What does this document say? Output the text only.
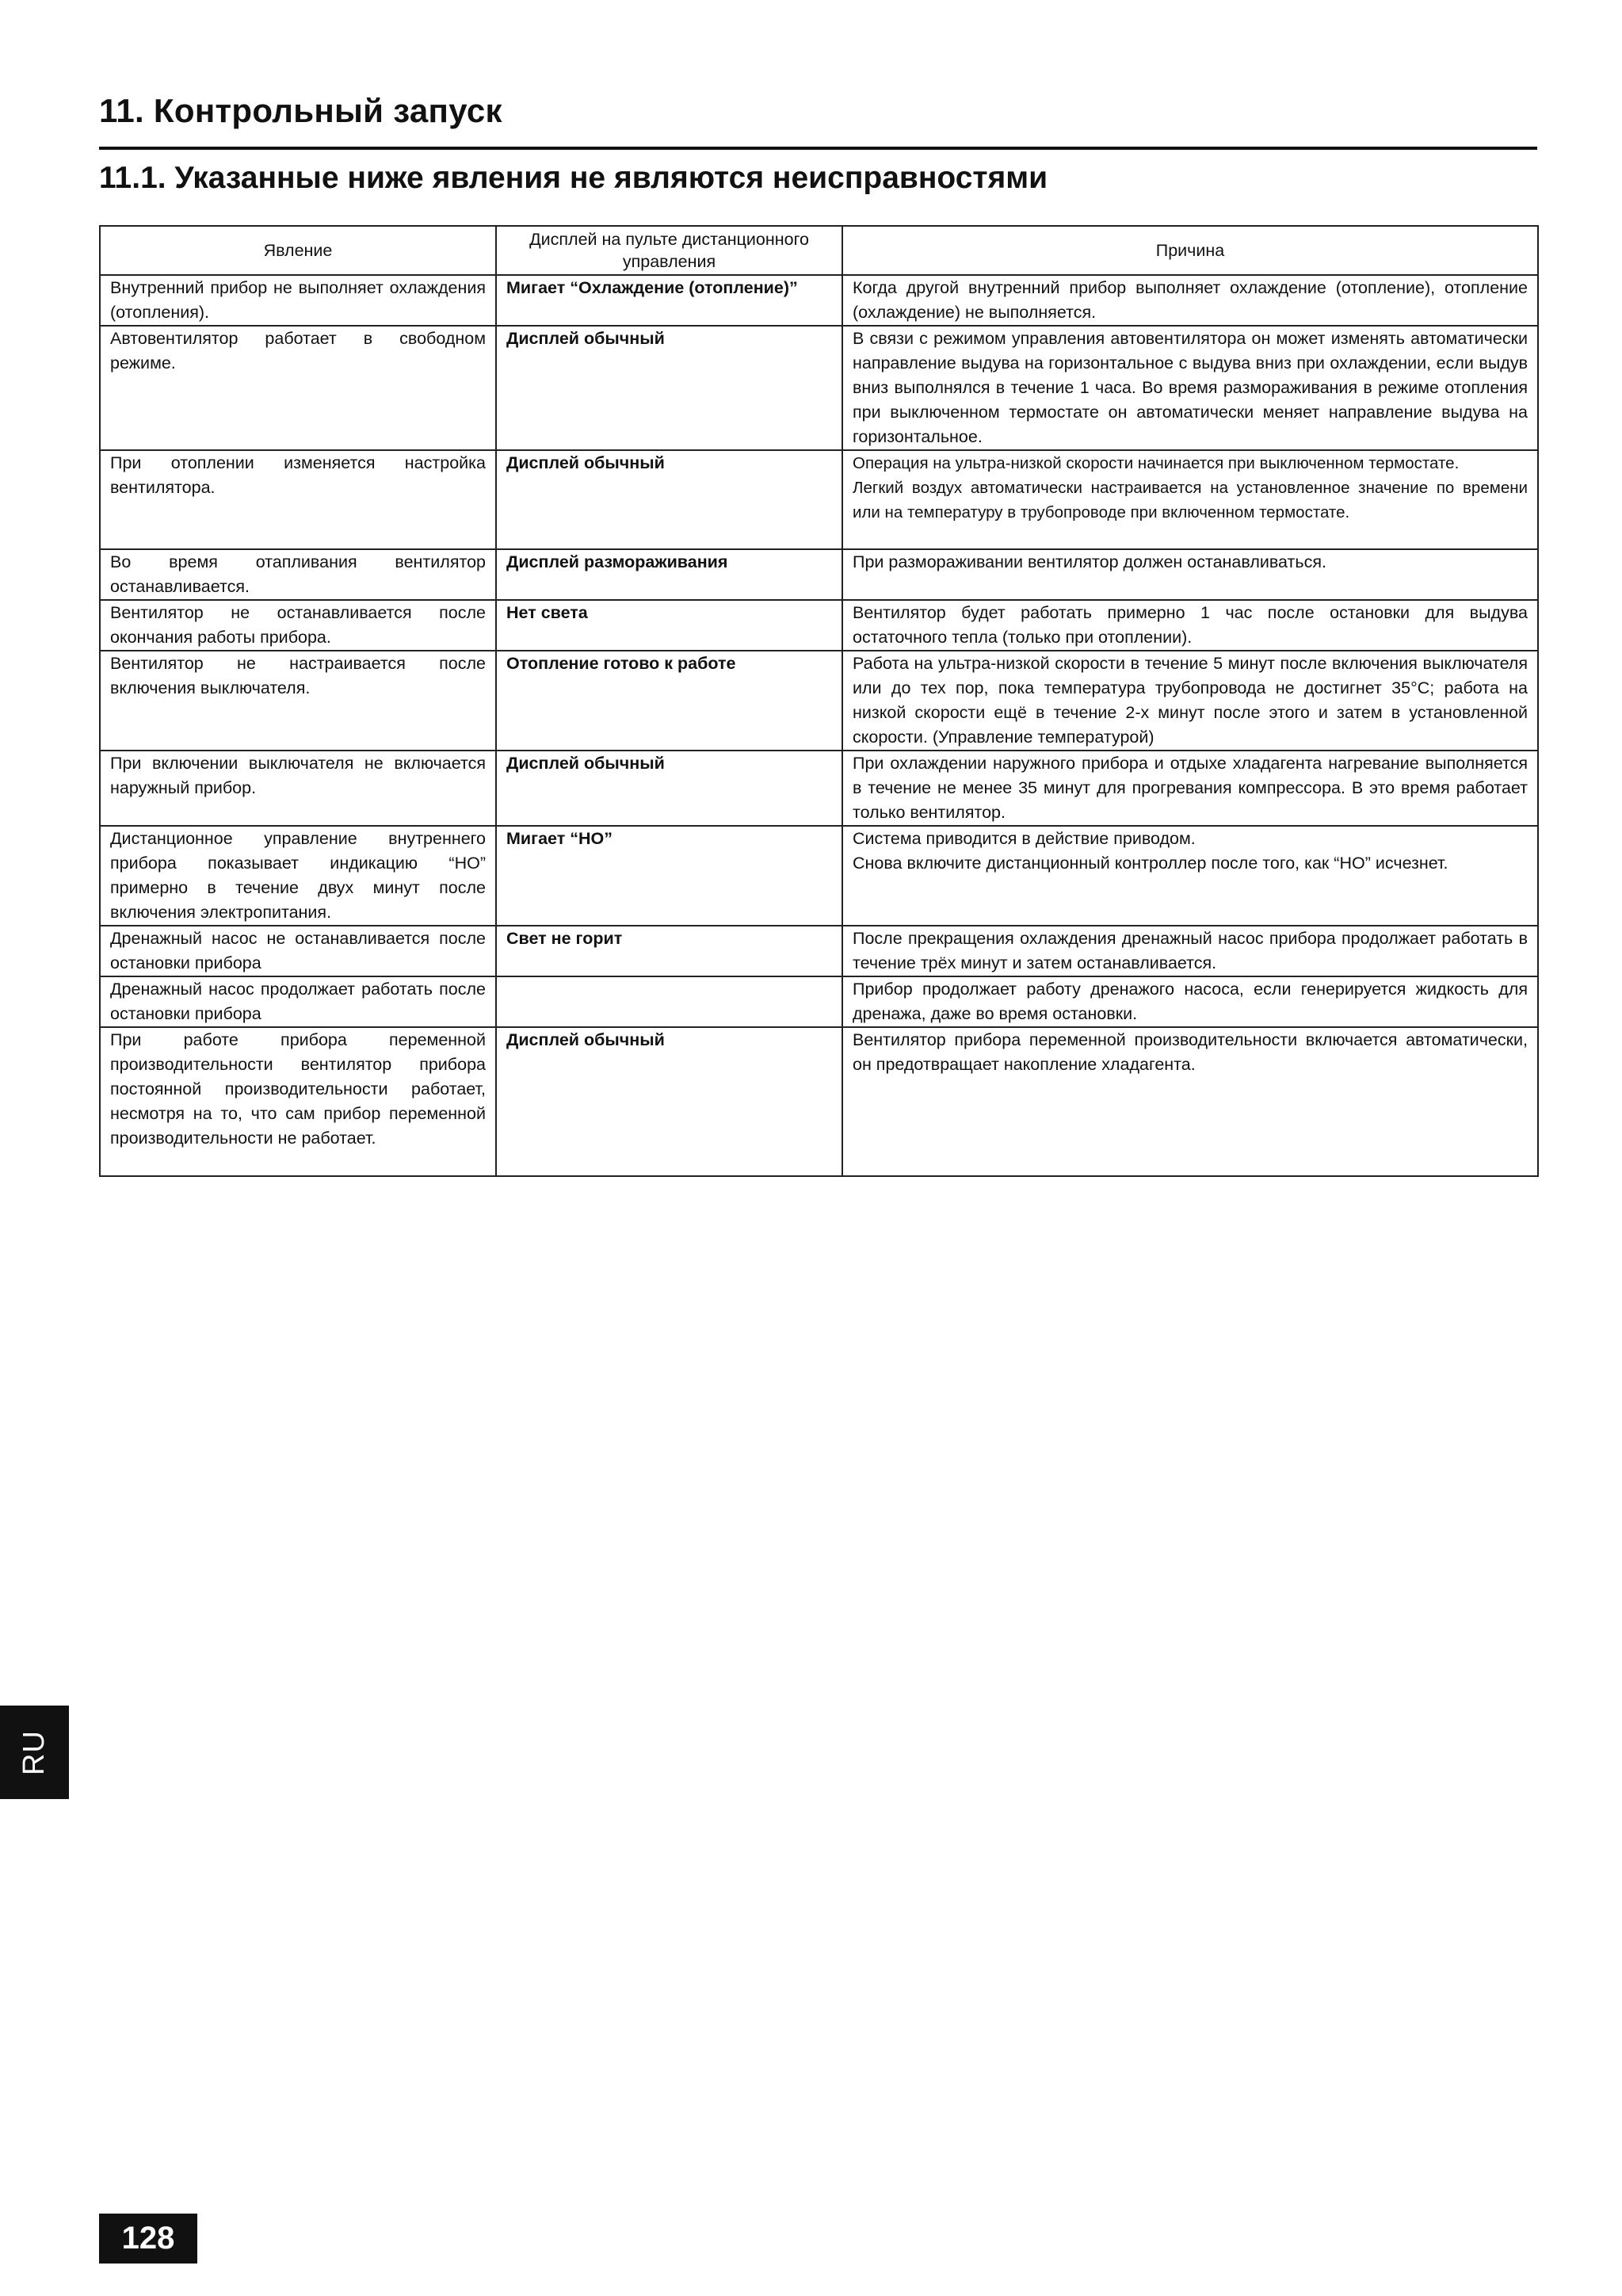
11. Контрольный запуск
11.1. Указанные ниже явления не являются неисправностями
Явление	Дисплей на пульте дистанционного управления	Причина
Внутренний прибор не выполняет охлаждения (отопления).	Мигает “Охлаждение (отопление)”	Когда другой внутренний прибор выполняет охлаждение (отопление), отопление (охлаждение) не выполняется.
Автовентилятор работает в свободном режиме.	Дисплей обычный	В связи с режимом управления автовентилятора он может изменять автоматически направление выдува на горизонтальное с выдува вниз при охлаждении, если выдув вниз выполнялся в течение 1 часа. Во время размораживания в режиме отопления при выключенном термостате он автоматически меняет направление выдува на горизонтальное.
При отоплении изменяется настройка вентилятора.	Дисплей обычный	Операция на ультра-низкой скорости начинается при выключенном термостате.
Легкий воздух автоматически настраивается на установленное значение по времени или на температуру в трубопроводе при включенном термостате.
Во время отапливания вентилятор останавливается.	Дисплей размораживания	При размораживании вентилятор должен останавливаться.
Вентилятор не останавливается после окончания работы прибора.	Нет света	Вентилятор будет работать примерно 1 час после остановки для выдува остаточного тепла (только при отоплении).
Вентилятор не настраивается после включения выключателя.	Отопление готово к работе	Работа на ультра-низкой скорости в течение 5 минут после включения выключателя или до тех пор, пока температура трубопровода не достигнет 35°C; работа на низкой скорости ещё в течение 2-х минут после этого и затем в установленной скорости. (Управление температурой)
При включении выключателя не включается наружный прибор.	Дисплей обычный	При охлаждении наружного прибора и отдыхе хладагента нагревание выполняется в течение не менее 35 минут для прогревания компрессора. В это время работает только вентилятор.
Дистанционное управление внутреннего прибора показывает индикацию “HO” примерно в течение двух минут после включения электропитания.	Мигает “HO”	Система приводится в действие приводом.
Снова включите дистанционный контроллер после того, как “HO” исчезнет.
Дренажный насос не останавливается после остановки прибора	Свет не горит	После прекращения охлаждения дренажный насос прибора продолжает работать в течение трёх минут и затем останавливается.
Дренажный насос продолжает работать после остановки прибора		Прибор продолжает работу дренажого насоса, если генерируется жидкость для дренажа, даже во время остановки.
При работе прибора переменной производительности вентилятор прибора постоянной производительности работает, несмотря на то, что сам прибор переменной производительности не работает.	Дисплей обычный	Вентилятор прибора переменной производительности включается автоматически, он предотвращает накопление хладагента.
RU
128
